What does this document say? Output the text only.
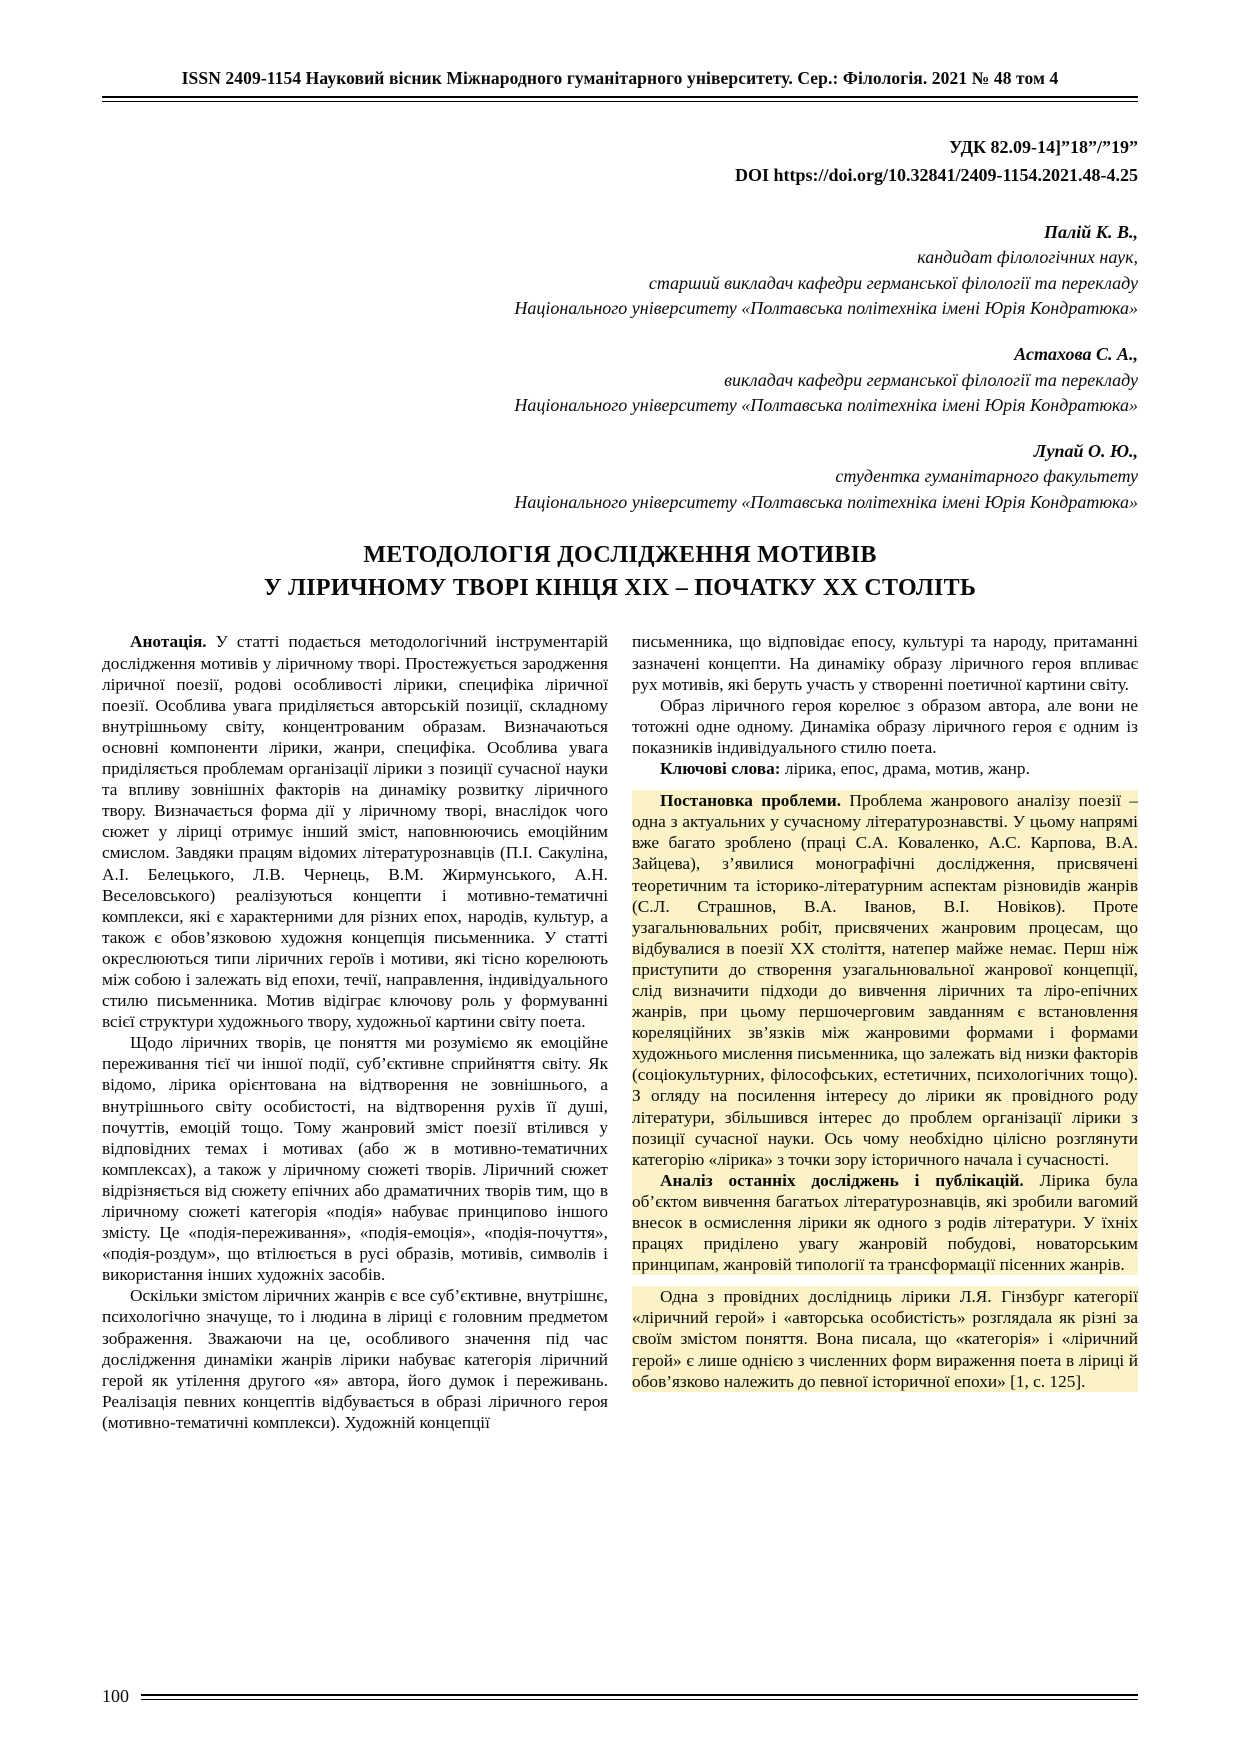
ISSN 2409-1154 Науковий вісник Міжнародного гуманітарного університету. Сер.: Філологія. 2021 № 48 том 4
УДК 82.09-14]”18”/”19”
DOI https://doi.org/10.32841/2409-1154.2021.48-4.25
Палій К. В.,
кандидат філологічних наук,
старший викладач кафедри германської філології та перекладу
Національного університету «Полтавська політехніка імені Юрія Кондратюка»
Астахова С. А.,
викладач кафедри германської філології та перекладу
Національного університету «Полтавська політехніка імені Юрія Кондратюка»
Лупай О. Ю.,
студентка гуманітарного факультету
Національного університету «Полтавська політехніка імені Юрія Кондратюка»
МЕТОДОЛОГІЯ ДОСЛІДЖЕННЯ МОТИВІВ
У ЛІРИЧНОМУ ТВОРІ КІНЦЯ ХІХ – ПОЧАТКУ ХХ СТОЛІТЬ

Анотація. У статті подається методологічний інструментарій дослідження мотивів у ліричному творі. Простежується зародження ліричної поезії, родові особливості лірики, специфіка ліричної поезії. Особлива увага приділяється авторській позиції, складному внутрішньому світу, концентрованим образам. Визначаються основні компоненти лірики, жанри, специфіка. Особлива увага приділяється проблемам організації лірики з позиції сучасної науки та впливу зовнішніх факторів на динаміку розвитку ліричного твору. Визначається форма дії у ліричному творі, внаслідок чого сюжет у ліриці отримує інший зміст, наповнюючись емоційним смислом. Завдяки працям відомих літературознавців (П.І. Сакуліна, А.І. Белецького, Л.В. Чернець, В.М. Жирмунського, А.Н. Веселовського) реалізуються концепти і мотивно-тематичні комплекси, які є характерними для різних епох, народів, культур, а також є обов’язковою художня концепція письменника. У статті окреслюються типи ліричних героїв і мотиви, які тісно корелюють між собою і залежать від епохи, течії, направлення, індивідуального стилю письменника. Мотив відіграє ключову роль у формуванні всієї структури художнього твору, художньої картини світу поета.

Щодо ліричних творів, це поняття ми розуміємо як емоційне переживання тієї чи іншої події, суб’єктивне сприйняття світу. Як відомо, лірика орієнтована на відтворення не зовнішнього, а внутрішнього світу особистості, на відтворення рухів її душі, почуттів, емоцій тощо. Тому жанровий зміст поезії втілився у відповідних темах і мотивах (або ж в мотивно-тематичних комплексах), а також у ліричному сюжеті творів. Ліричний сюжет відрізняється від сюжету епічних або драматичних творів тим, що в ліричному сюжеті категорія «подія» набуває принципово іншого змісту. Це «подія-переживання», «подія-емоція», «подія-почуття», «подія-роздум», що втілюється в русі образів, мотивів, символів і використання інших художніх засобів.

Оскільки змістом ліричних жанрів є все суб’єктивне, внутрішнє, психологічно значуще, то і людина в ліриці є головним предметом зображення. Зважаючи на це, особливого значення під час дослідження динаміки жанрів лірики набуває категорія ліричний герой як утілення другого «я» автора, його думок і переживань. Реалізація певних концептів відбувається в образі ліричного героя (мотивно-тематичні комплекси). Художній концепції

письменника, що відповідає епосу, культурі та народу, притаманні зазначені концепти. На динаміку образу ліричного героя впливає рух мотивів, які беруть участь у створенні поетичної картини світу.

Образ ліричного героя корелює з образом автора, але вони не тотожні одне одному. Динаміка образу ліричного героя є одним із показників індивідуального стилю поета.

Ключові слова: лірика, епос, драма, мотив, жанр.

Постановка проблеми. Проблема жанрового аналізу поезії – одна з актуальних у сучасному літературознавстві. У цьому напрямі вже багато зроблено (праці С.А. Коваленко, А.С. Карпова, В.А. Зайцева), з’явилися монографічні дослідження, присвячені теоретичним та історико-літературним аспектам різновидів жанрів (С.Л. Страшнов, В.А. Іванов, В.І. Новіков). Проте узагальнювальних робіт, присвячених жанровим процесам, що відбувалися в поезії ХХ століття, натепер майже немає. Перш ніж приступити до створення узагальнювальної жанрової концепції, слід визначити підходи до вивчення ліричних та ліро-епічних жанрів, при цьому першочерговим завданням є встановлення кореляційних зв’язків між жанровими формами і формами художнього мислення письменника, що залежать від низки факторів (соціокультурних, філософських, естетичних, психологічних тощо). З огляду на посилення інтересу до лірики як провідного роду літератури, збільшився інтерес до проблем організації лірики з позиції сучасної науки. Ось чому необхідно цілісно розглянути категорію «лірика» з точки зору історичного начала і сучасності.

Аналіз останніх досліджень і публікацій. Лірика була об’єктом вивчення багатьох літературознавців, які зробили вагомий внесок в осмислення лірики як одного з родів літератури. У їхніх працях приділено увагу жанровій побудові, новаторським принципам, жанровій типології та трансформації пісенних жанрів.

Одна з провідних дослідниць лірики Л.Я. Гінзбург категорії «ліричний герой» і «авторська особистість» розглядала як різні за своїм змістом поняття. Вона писала, що «категорія» і «ліричний герой» є лише однією з численних форм вираження поета в ліриці й обов’язково належить до певної історичної епохи» [1, с. 125].

100
